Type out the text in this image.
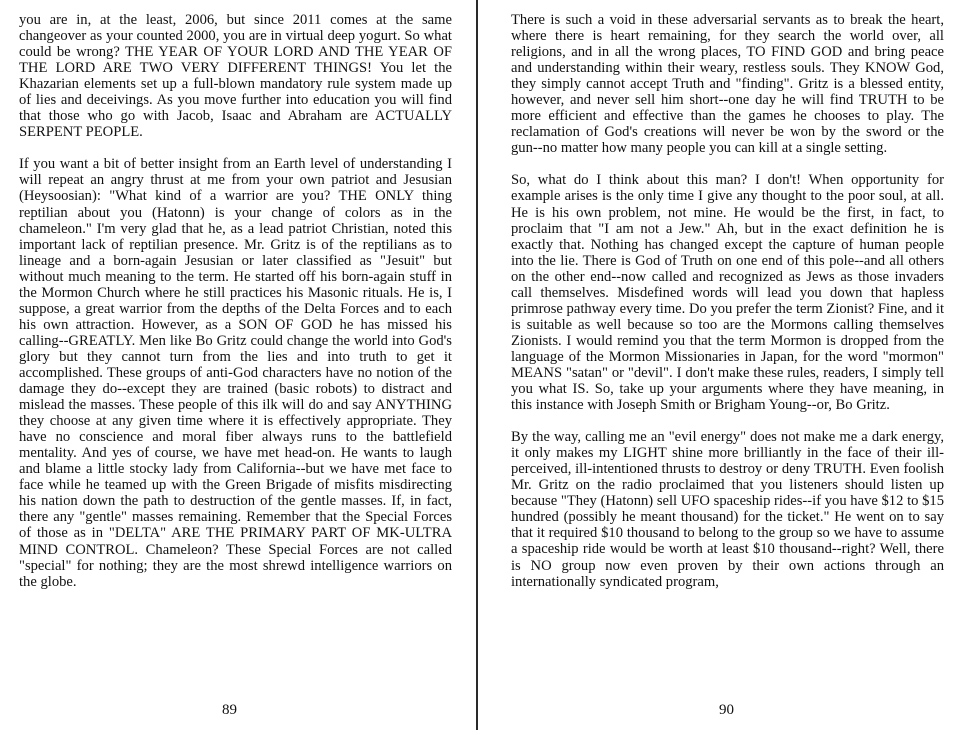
you are in, at the least, 2006, but since 2011 comes at the same changeover as your counted 2000, you are in virtual deep yogurt. So what could be wrong? THE YEAR OF YOUR LORD AND THE YEAR OF THE LORD ARE TWO VERY DIFFERENT THINGS! You let the Khazarian elements set up a full-blown mandatory rule system made up of lies and deceivings. As you move further into education you will find that those who go with Jacob, Isaac and Abraham are ACTUALLY SERPENT PEOPLE.

If you want a bit of better insight from an Earth level of understanding I will repeat an angry thrust at me from your own patriot and Jesusian (Heysoosian): "What kind of a warrior are you? THE ONLY thing reptilian about you (Hatonn) is your change of colors as in the chameleon." I'm very glad that he, as a lead patriot Christian, noted this important lack of reptilian presence. Mr. Gritz is of the reptilians as to lineage and a born-again Jesusian or later classified as "Jesuit" but without much meaning to the term. He started off his born-again stuff in the Mormon Church where he still practices his Masonic rituals. He is, I suppose, a great warrior from the depths of the Delta Forces and to each his own attraction. However, as a SON OF GOD he has missed his calling--GREATLY. Men like Bo Gritz could change the world into God's glory but they cannot turn from the lies and into truth to get it accomplished. These groups of anti-God characters have no notion of the damage they do--except they are trained (basic robots) to distract and mislead the masses. These people of this ilk will do and say ANYTHING they choose at any given time where it is effectively appropriate. They have no conscience and moral fiber always runs to the battlefield mentality. And yes of course, we have met head-on. He wants to laugh and blame a little stocky lady from California--but we have met face to face while he teamed up with the Green Brigade of misfits misdirecting his nation down the path to destruction of the gentle masses. If, in fact, there any "gentle" masses remaining. Remember that the Special Forces of those as in "DELTA" ARE THE PRIMARY PART OF MK-ULTRA MIND CONTROL. Chameleon? These Special Forces are not called "special" for nothing; they are the most shrewd intelligence warriors on the globe.

89

There is such a void in these adversarial servants as to break the heart, where there is heart remaining, for they search the world over, all religions, and in all the wrong places, TO FIND GOD and bring peace and understanding within their weary, restless souls. They KNOW God, they simply cannot accept Truth and "finding". Gritz is a blessed entity, however, and never sell him short--one day he will find TRUTH to be more efficient and effective than the games he chooses to play. The reclamation of God's creations will never be won by the sword or the gun--no matter how many people you can kill at a single setting.

So, what do I think about this man? I don't! When opportunity for example arises is the only time I give any thought to the poor soul, at all. He is his own problem, not mine. He would be the first, in fact, to proclaim that "I am not a Jew." Ah, but in the exact definition he is exactly that. Nothing has changed except the capture of human people into the lie. There is God of Truth on one end of this pole--and all others on the other end--now called and recognized as Jews as those invaders call themselves. Misdefined words will lead you down that hapless primrose pathway every time. Do you prefer the term Zionist? Fine, and it is suitable as well because so too are the Mormons calling themselves Zionists. I would remind you that the term Mormon is dropped from the language of the Mormon Missionaries in Japan, for the word "mormon" MEANS "satan" or "devil". I don't make these rules, readers, I simply tell you what IS. So, take up your arguments where they have meaning, in this instance with Joseph Smith or Brigham Young--or, Bo Gritz.

By the way, calling me an "evil energy" does not make me a dark energy, it only makes my LIGHT shine more brilliantly in the face of their ill-perceived, ill-intentioned thrusts to destroy or deny TRUTH. Even foolish Mr. Gritz on the radio proclaimed that you listeners should listen up because "They (Hatonn) sell UFO spaceship rides--if you have $12 to $15 hundred (possibly he meant thousand) for the ticket." He went on to say that it required $10 thousand to belong to the group so we have to assume a spaceship ride would be worth at least $10 thousand--right? Well, there is NO group now even proven by their own actions through an internationally syndicated program,

90
